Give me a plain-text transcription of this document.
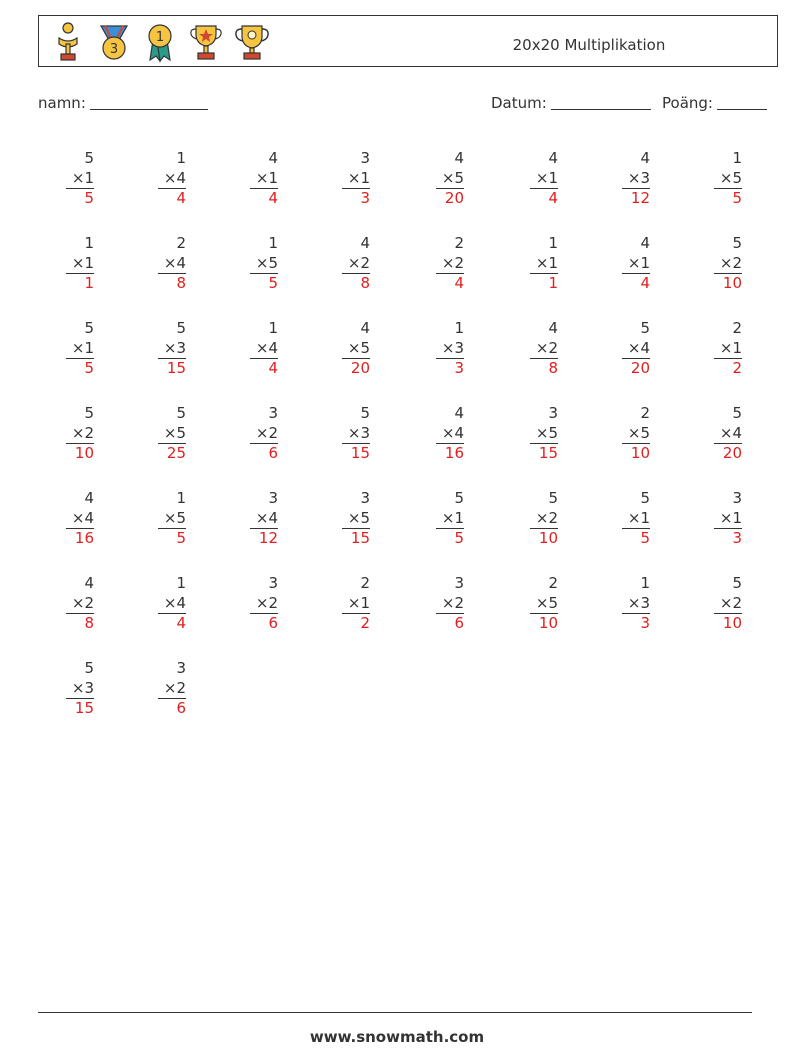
3
1	20x20 Multiplikation
namn:	Datum:	Poäng:
5
×1
5
1
×4
4
4
×1
4
3
×1
3
4
×5
20
4
×1
4
4
×3
12
1
×5
5
1
×1
1
2
×4
8
1
×5
5
4
×2
8
2
×2
4
1
×1
1
4
×1
4
5
×2
10
5
×1
5
5
×3
15
1
×4
4
4
×5
20
1
×3
3
4
×2
8
5
×4
20
2
×1
2
5
×2
10
5
×5
25
3
×2
6
5
×3
15
4
×4
16
3
×5
15
2
×5
10
5
×4
20
4
×4
16
1
×5
5
3
×4
12
3
×5
15
5
×1
5
5
×2
10
5
×1
5
3
×1
3
4
×2
8
1
×4
4
3
×2
6
2
×1
2
3
×2
6
2
×5
10
1
×3
3
5
×2
10
5
×3
15
3
×2
6
www.snowmath.com
